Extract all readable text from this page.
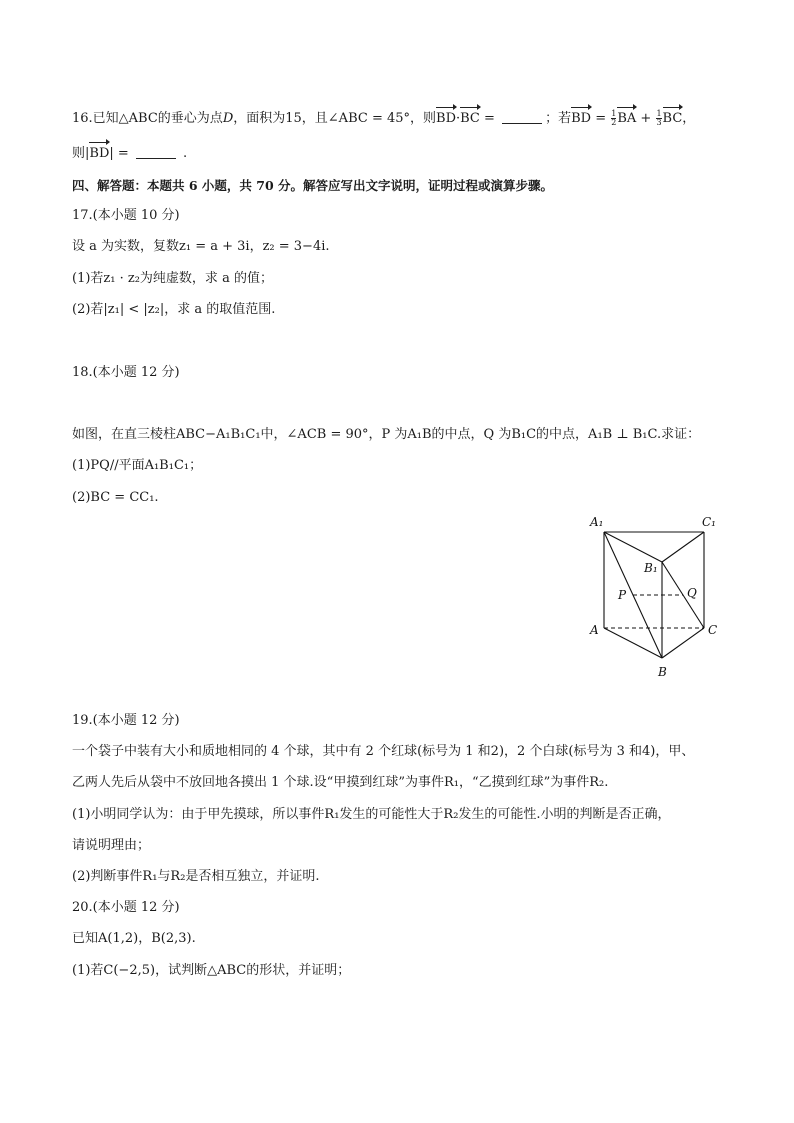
16.已知△ABC的垂心为点D，面积为15，且∠ABC = 45°，则BD·BC =	；若BD = $\frac{1}{2}$ BA + $\frac{1}{3}$ BC，
则|BD| =	.
四、解答题：本题共 6 小题，共 70 分。解答应写出文字说明，证明过程或演算步骤。
17.(本小题 10 分)
设 a 为实数，复数z₁ = a + 3i，z₂ = 3−4i.
(1)若z₁ · z₂为纯虚数，求 a 的值；
(2)若|z₁| < |z₂|，求 a 的取值范围.
18.(本小题 12 分)
如图，在直三棱柱ABC−A₁B₁C₁中，∠ACB = 90°，P 为A₁B的中点，Q 为B₁C的中点，A₁B ⊥ B₁C.求证：
(1)PQ//平面A₁B₁C₁；
(2)BC = CC₁.
A₁	C₁
B₁
P	Q
A	C
B
19.(本小题 12 分)
一个袋子中装有大小和质地相同的 4 个球，其中有 2 个红球(标号为 1 和2)，2 个白球(标号为 3 和4)，甲、
乙两人先后从袋中不放回地各摸出 1 个球.设“甲摸到红球”为事件R₁，“乙摸到红球”为事件R₂.
(1)小明同学认为：由于甲先摸球，所以事件R₁发生的可能性大于R₂发生的可能性.小明的判断是否正确，
请说明理由；
(2)判断事件R₁与R₂是否相互独立，并证明.
20.(本小题 12 分)
已知A(1,2)，B(2,3).
(1)若C(−2,5)，试判断△ABC的形状，并证明；
